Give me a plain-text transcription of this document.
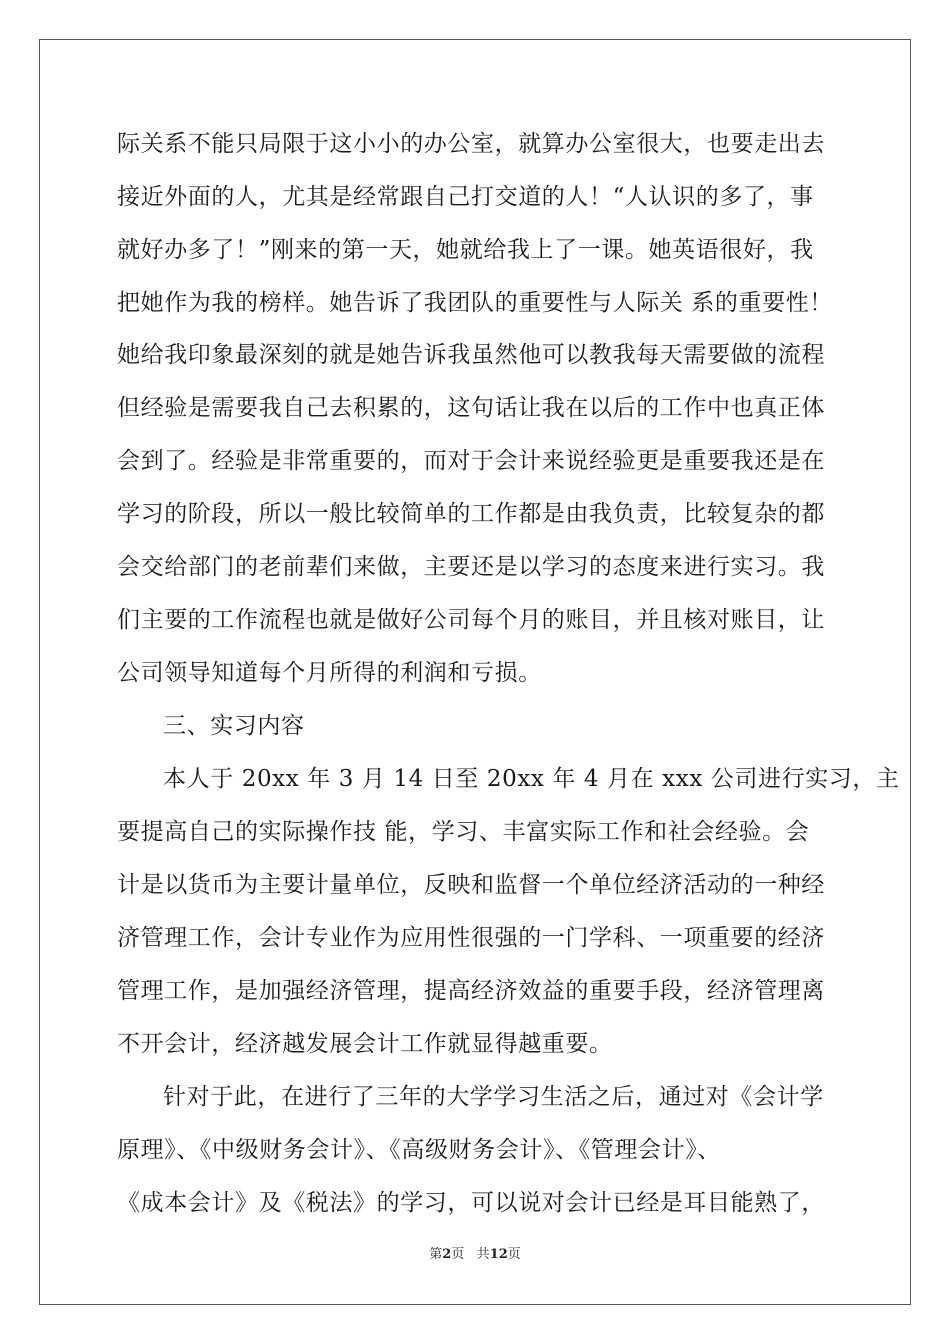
际关系不能只局限于这小小的办公室，就算办公室很大，也要走出去
接近外面的人，尤其是经常跟自己打交道的人！“人认识的多了，事
就好办多了！”刚来的第一天，她就给我上了一课。她英语很好，我
把她作为我的榜样。她告诉了我团队的重要性与人际关 系的重要性！
她给我印象最深刻的就是她告诉我虽然他可以教我每天需要做的流程
但经验是需要我自己去积累的，这句话让我在以后的工作中也真正体
会到了。经验是非常重要的，而对于会计来说经验更是重要我还是在
学习的阶段，所以一般比较简单的工作都是由我负责，比较复杂的都
会交给部门的老前辈们来做，主要还是以学习的态度来进行实习。我
们主要的工作流程也就是做好公司每个月的账目，并且核对账目，让
公司领导知道每个月所得的利润和亏损。
三、实习内容
本人于 20xx 年 3 月 14 日至 20xx 年 4 月在 xxx 公司进行实习，主
要提高自己的实际操作技 能，学习、丰富实际工作和社会经验。会
计是以货币为主要计量单位，反映和监督一个单位经济活动的一种经
济管理工作，会计专业作为应用性很强的一门学科、一项重要的经济
管理工作，是加强经济管理，提高经济效益的重要手段，经济管理离
不开会计，经济越发展会计工作就显得越重要。
针对于此，在进行了三年的大学学习生活之后，通过对《会计学
原理》、《中级财务会计》、《高级财务会计》、《管理会计》、
《成本会计》及《税法》的学习，可以说对会计已经是耳目能熟了，
第2页 共12页
